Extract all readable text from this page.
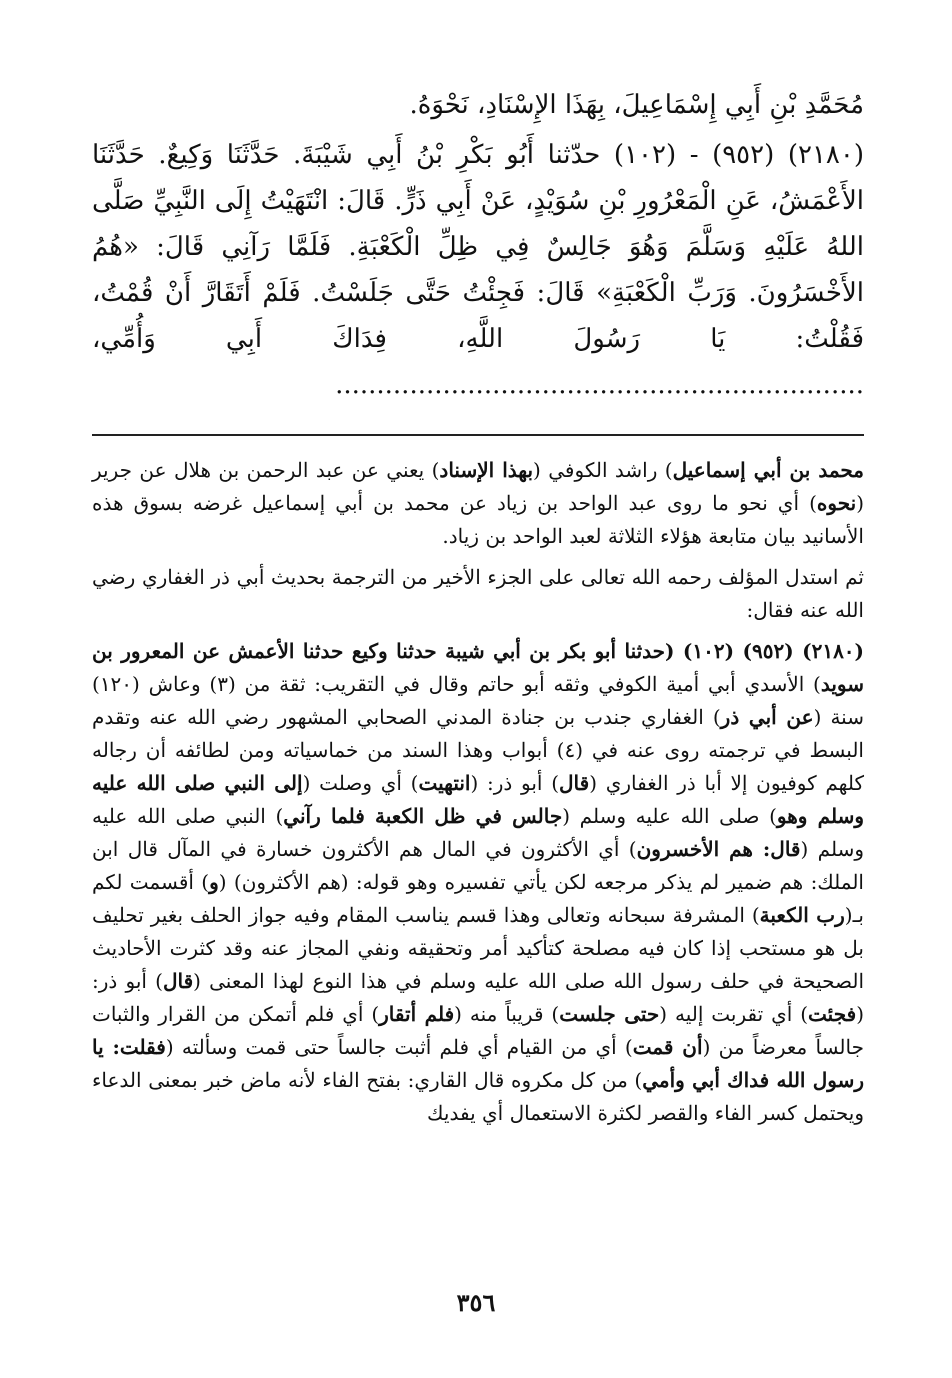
مُحَمَّدِ بْنِ أَبِي إِسْمَاعِيلَ، بِهَذَا الإِسْنَادِ، نَحْوَهُ.

(٢١٨٠) (٩٥٢) - (١٠٢) حدّثنا أَبُو بَكْرِ بْنُ أَبِي شَيْبَةَ. حَدَّثَنَا وَكِيعٌ. حَدَّثَنَا الأَعْمَشُ، عَنِ الْمَعْرُورِ بْنِ سُوَيْدٍ، عَنْ أَبِي ذَرٍّ. قَالَ: انْتَهَيْتُ إِلَى النَّبِيِّ صَلَّى اللهُ عَلَيْهِ وَسَلَّمَ وَهُوَ جَالِسٌ فِي ظِلِّ الْكَعْبَةِ. فَلَمَّا رَآنِي قَالَ: «هُمُ الأَخْسَرُونَ. وَرَبِّ الْكَعْبَةِ» قَالَ: فَجِئْتُ حَتَّى جَلَسْتُ. فَلَمْ أَتَقَارَّ أَنْ قُمْتُ، فَقُلْتُ: يَا رَسُولَ اللَّهِ، فِدَاكَ أَبِي وَأُمِّي، ................................................................

محمد بن أبي إسماعيل) راشد الكوفي (بهذا الإسناد) يعني عن عبد الرحمن بن هلال عن جرير (نحوه) أي نحو ما روى عبد الواحد بن زياد عن محمد بن أبي إسماعيل غرضه بسوق هذه الأسانيد بيان متابعة هؤلاء الثلاثة لعبد الواحد بن زياد.

ثم استدل المؤلف رحمه الله تعالى على الجزء الأخير من الترجمة بحديث أبي ذر الغفاري رضي الله عنه فقال:

(٢١٨٠) (٩٥٢) (١٠٢) (حدثنا أبو بكر بن أبي شيبة حدثنا وكيع حدثنا الأعمش عن المعرور بن سويد) الأسدي أبي أمية الكوفي وثقه أبو حاتم وقال في التقريب: ثقة من (٣) وعاش (١٢٠) سنة (عن أبي ذر) الغفاري جندب بن جنادة المدني الصحابي المشهور رضي الله عنه وتقدم البسط في ترجمته روى عنه في (٤) أبواب وهذا السند من خماسياته ومن لطائفه أن رجاله كلهم كوفيون إلا أبا ذر الغفاري (قال) أبو ذر: (انتهيت) أي وصلت (إلى النبي صلى الله عليه وسلم وهو) صلى الله عليه وسلم (جالس في ظل الكعبة فلما رآني) النبي صلى الله عليه وسلم (قال: هم الأخسرون) أي الأكثرون في المال هم الأكثرون خسارة في المآل قال ابن الملك: هم ضمير لم يذكر مرجعه لكن يأتي تفسيره وهو قوله: (هم الأكثرون) (و) أقسمت لكم بـ(رب الكعبة) المشرفة سبحانه وتعالى وهذا قسم يناسب المقام وفيه جواز الحلف بغير تحليف بل هو مستحب إذا كان فيه مصلحة كتأكيد أمر وتحقيقه ونفي المجاز عنه وقد كثرت الأحاديث الصحيحة في حلف رسول الله صلى الله عليه وسلم في هذا النوع لهذا المعنى (قال) أبو ذر: (فجئت) أي تقربت إليه (حتى جلست) قريباً منه (فلم أتقار) أي فلم أتمكن من القرار والثبات جالساً معرضاً من (أن قمت) أي من القيام أي فلم أثبت جالساً حتى قمت وسألته (فقلت: يا رسول الله فداك أبي وأمي) من كل مكروه قال القاري: بفتح الفاء لأنه ماض خبر بمعنى الدعاء ويحتمل كسر الفاء والقصر لكثرة الاستعمال أي يفديك

٣٥٦
